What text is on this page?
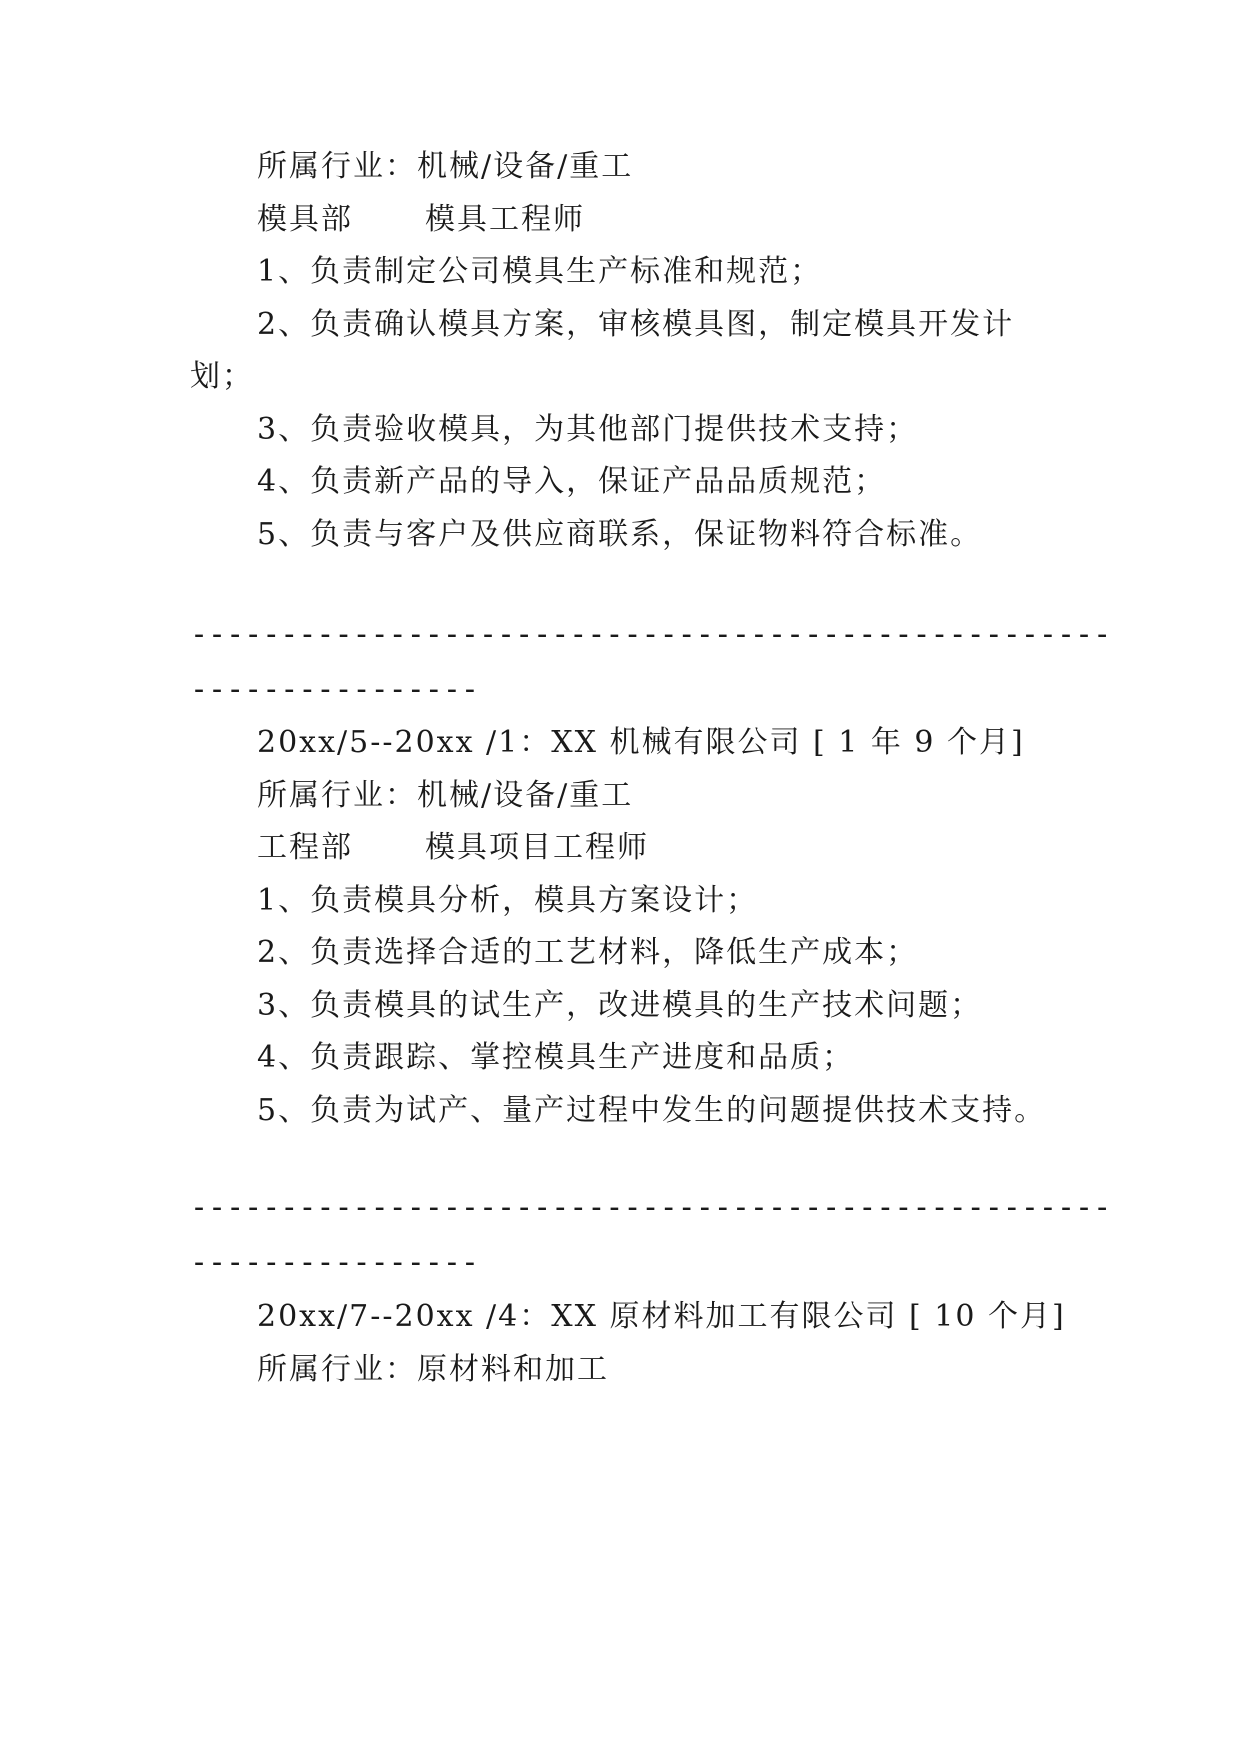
所属行业：机械/设备/重工
模具部 模具工程师
1、负责制定公司模具生产标准和规范；
2、负责确认模具方案，审核模具图，制定模具开发计
划；
3、负责验收模具，为其他部门提供技术支持；
4、负责新产品的导入，保证产品品质规范；
5、负责与客户及供应商联系，保证物料符合标准。
---------------------------------------------------
----------------
20xx/5--20xx /1：XX 机械有限公司 [ 1 年 9 个月]
所属行业：机械/设备/重工
工程部 模具项目工程师
1、负责模具分析，模具方案设计；
2、负责选择合适的工艺材料，降低生产成本；
3、负责模具的试生产，改进模具的生产技术问题；
4、负责跟踪、掌控模具生产进度和品质；
5、负责为试产、量产过程中发生的问题提供技术支持。
---------------------------------------------------
----------------
20xx/7--20xx /4：XX 原材料加工有限公司 [ 10 个月]
所属行业：原材料和加工
